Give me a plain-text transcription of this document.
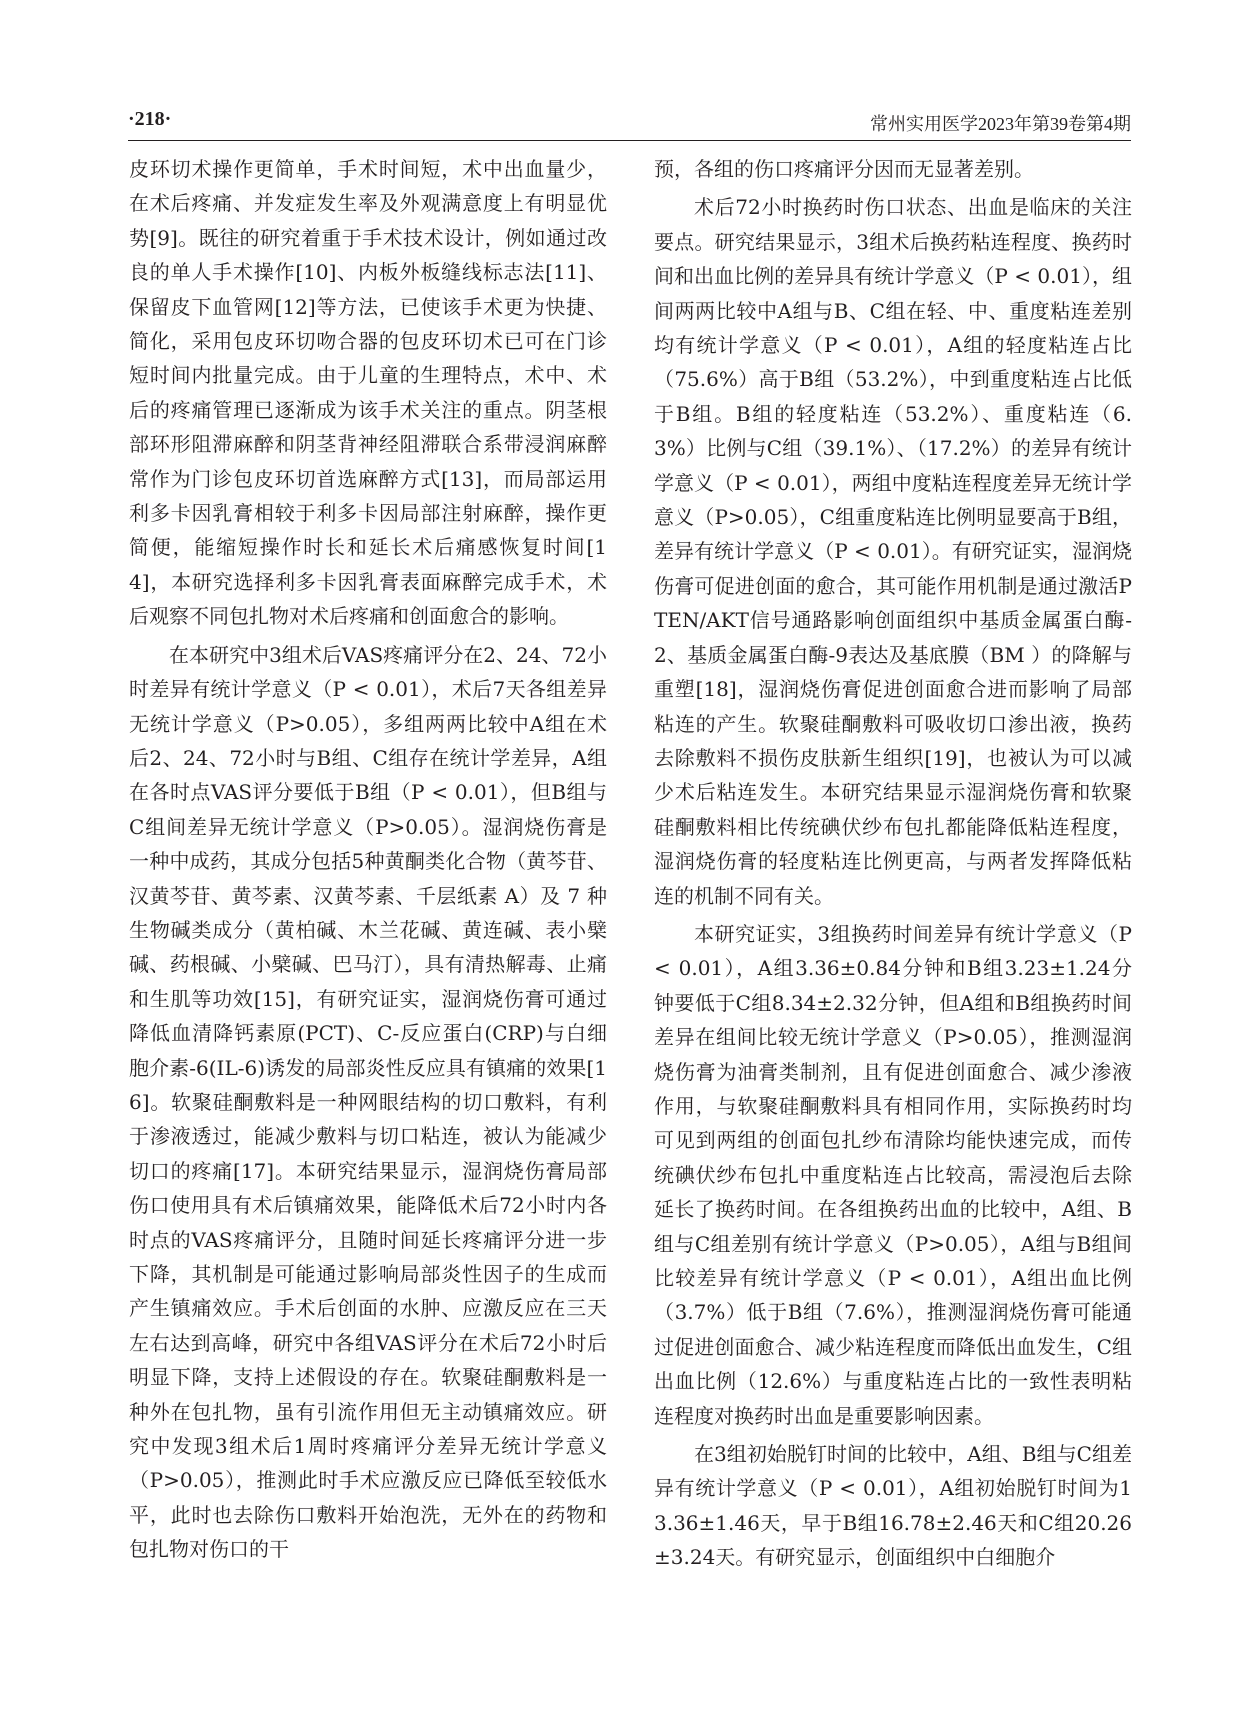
·218·	常州实用医学2023年第39卷第4期

皮环切术操作更简单，手术时间短，术中出血量少，在术后疼痛、并发症发生率及外观满意度上有明显优势[9]。既往的研究着重于手术技术设计，例如通过改良的单人手术操作[10]、内板外板缝线标志法[11]、保留皮下血管网[12]等方法，已使该手术更为快捷、简化，采用包皮环切吻合器的包皮环切术已可在门诊短时间内批量完成。由于儿童的生理特点，术中、术后的疼痛管理已逐渐成为该手术关注的重点。阴茎根部环形阻滞麻醉和阴茎背神经阻滞联合系带浸润麻醉常作为门诊包皮环切首选麻醉方式[13]，而局部运用利多卡因乳膏相较于利多卡因局部注射麻醉，操作更简便，能缩短操作时长和延长术后痛感恢复时间[14]，本研究选择利多卡因乳膏表面麻醉完成手术，术后观察不同包扎物对术后疼痛和创面愈合的影响。

在本研究中3组术后VAS疼痛评分在2、24、72小时差异有统计学意义（P < 0.01），术后7天各组差异无统计学意义（P>0.05），多组两两比较中A组在术后2、24、72小时与B组、C组存在统计学差异，A组在各时点VAS评分要低于B组（P < 0.01），但B组与C组间差异无统计学意义（P>0.05）。湿润烧伤膏是一种中成药，其成分包括5种黄酮类化合物（黄芩苷、汉黄芩苷、黄芩素、汉黄芩素、千层纸素 A）及 7 种生物碱类成分（黄柏碱、木兰花碱、黄连碱、表小檗碱、药根碱、小檗碱、巴马汀），具有清热解毒、止痛和生肌等功效[15]，有研究证实，湿润烧伤膏可通过降低血清降钙素原(PCT)、C-反应蛋白(CRP)与白细胞介素-6(IL-6)诱发的局部炎性反应具有镇痛的效果[16]。软聚硅酮敷料是一种网眼结构的切口敷料，有利于渗液透过，能减少敷料与切口粘连，被认为能减少切口的疼痛[17]。本研究结果显示，湿润烧伤膏局部伤口使用具有术后镇痛效果，能降低术后72小时内各时点的VAS疼痛评分，且随时间延长疼痛评分进一步下降，其机制是可能通过影响局部炎性因子的生成而产生镇痛效应。手术后创面的水肿、应激反应在三天左右达到高峰，研究中各组VAS评分在术后72小时后明显下降，支持上述假设的存在。软聚硅酮敷料是一种外在包扎物，虽有引流作用但无主动镇痛效应。研究中发现3组术后1周时疼痛评分差异无统计学意义（P>0.05），推测此时手术应激反应已降低至较低水平，此时也去除伤口敷料开始泡洗，无外在的药物和包扎物对伤口的干

预，各组的伤口疼痛评分因而无显著差别。

术后72小时换药时伤口状态、出血是临床的关注要点。研究结果显示，3组术后换药粘连程度、换药时间和出血比例的差异具有统计学意义（P < 0.01），组间两两比较中A组与B、C组在轻、中、重度粘连差别均有统计学意义（P < 0.01），A组的轻度粘连占比（75.6%）高于B组（53.2%），中到重度粘连占比低于B组。B组的轻度粘连（53.2%）、重度粘连（6.3%）比例与C组（39.1%）、（17.2%）的差异有统计学意义（P < 0.01），两组中度粘连程度差异无统计学意义（P>0.05），C组重度粘连比例明显要高于B组，差异有统计学意义（P < 0.01）。有研究证实，湿润烧伤膏可促进创面的愈合，其可能作用机制是通过激活PTEN/AKT信号通路影响创面组织中基质金属蛋白酶-2、基质金属蛋白酶-9表达及基底膜（BM ）的降解与重塑[18]，湿润烧伤膏促进创面愈合进而影响了局部粘连的产生。软聚硅酮敷料可吸收切口渗出液，换药去除敷料不损伤皮肤新生组织[19]，也被认为可以减少术后粘连发生。本研究结果显示湿润烧伤膏和软聚硅酮敷料相比传统碘伏纱布包扎都能降低粘连程度，湿润烧伤膏的轻度粘连比例更高，与两者发挥降低粘连的机制不同有关。

本研究证实，3组换药时间差异有统计学意义（P < 0.01），A组3.36±0.84分钟和B组3.23±1.24分钟要低于C组8.34±2.32分钟，但A组和B组换药时间差异在组间比较无统计学意义（P>0.05），推测湿润烧伤膏为油膏类制剂，且有促进创面愈合、减少渗液作用，与软聚硅酮敷料具有相同作用，实际换药时均可见到两组的创面包扎纱布清除均能快速完成，而传统碘伏纱布包扎中重度粘连占比较高，需浸泡后去除延长了换药时间。在各组换药出血的比较中，A组、B组与C组差别有统计学意义（P>0.05），A组与B组间比较差异有统计学意义（P < 0.01），A组出血比例（3.7%）低于B组（7.6%），推测湿润烧伤膏可能通过促进创面愈合、减少粘连程度而降低出血发生，C组出血比例（12.6%）与重度粘连占比的一致性表明粘连程度对换药时出血是重要影响因素。

在3组初始脱钉时间的比较中，A组、B组与C组差异有统计学意义（P < 0.01），A组初始脱钉时间为13.36±1.46天，早于B组16.78±2.46天和C组20.26±3.24天。有研究显示，创面组织中白细胞介
